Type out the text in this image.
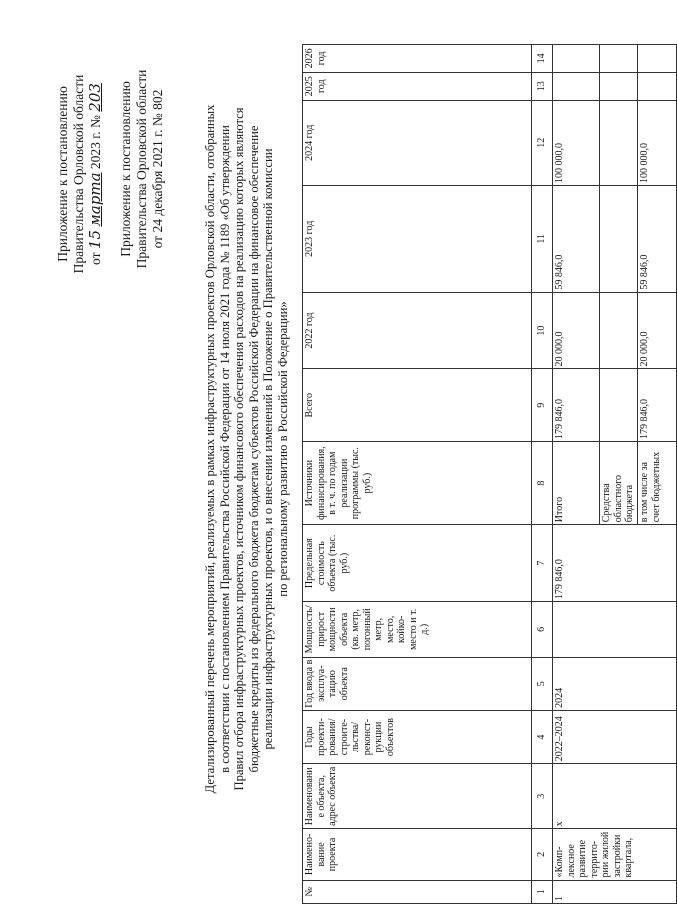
Приложение к постановлению Правительства Орловской области от 15 марта 2023 г. № 203 Приложение к постановлению Правительства Орловской области от 24 декабря 2021 г. № 802	Детализированный перечень мероприятий, реализуемых в рамках инфраструктурных проектов Орловской области, отобранных в соответствии с постановлением Правительства Российской Федерации от 14 июля 2021 года № 1189 «Об утверждении Правил отбора инфраструктурных проектов, источником финансового обеспечения расходов на реализацию которых являются бюджетные кредиты из федерального бюджета бюджетам субъектов Российской Федерации на финансовое обеспечение реализации инфраструктурных проектов, и о внесении изменений в Положение о Правительственной комиссии по региональному развитию в Российской Федерации»
№	Наимено-вание проекта	Наименование объекта, адрес объекта	Годы проекти-рования/ строите-льства/ реконст-рукции объектов	Год ввода в эксплуа-тацию объекта	Мощность/ прирост мощности объекта (кв. метр, погонный метр, место, койко-место и т. д.)	Предельная стоимость объекта (тыс. руб.)	Источники финансирования, в т. ч. по годам реализации программы (тыс. руб.)	Всего	2022 год	2023 год	2024 год	2025 год	2026 год
1	2	3	4	5	6	7	8	9	10	11	12	13	14
1	«Комп-лексное развитие террито-рии жилой застройки квартала,	х	2022–2024	2024		179 846,0	Итого	179 846,0	20 000,0	59 846,0	100 000,0		
							Средства областного бюджета						
							в том числе за счет бюджетных	179 846,0	20 000,0	59 846,0	100 000,0		
